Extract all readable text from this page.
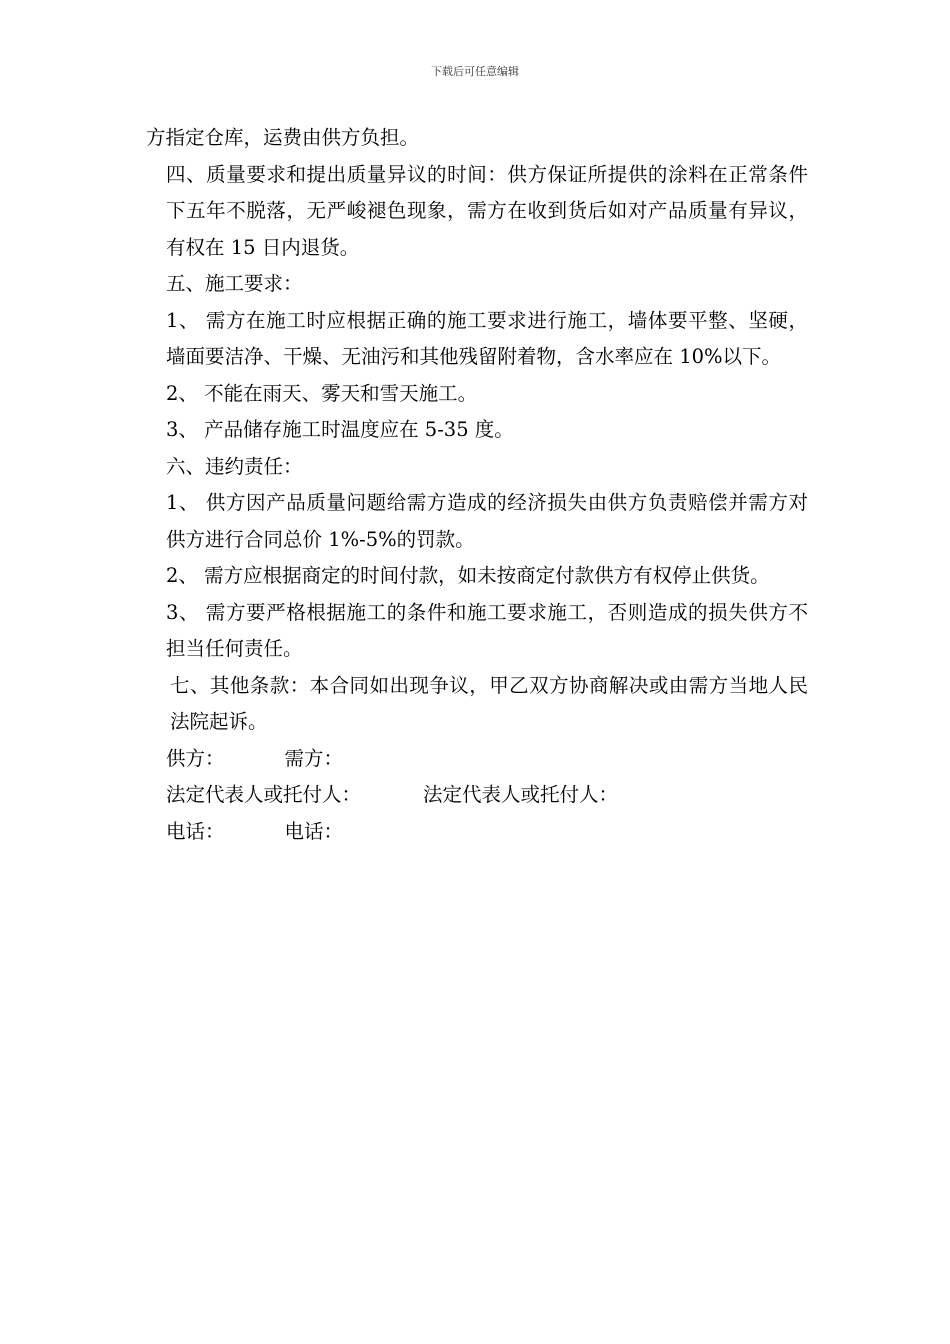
下载后可任意编辑

方指定仓库，运费由供方负担。

四、质量要求和提出质量异议的时间：供方保证所提供的涂料在正常条件下五年不脱落，无严峻褪色现象，需方在收到货后如对产品质量有异议，有权在 15 日内退货。

五、施工要求：

1、 需方在施工时应根据正确的施工要求进行施工，墙体要平整、坚硬，墙面要洁净、干燥、无油污和其他残留附着物，含水率应在 10%以下。

2、 不能在雨天、雾天和雪天施工。

3、 产品储存施工时温度应在 5-35 度。

六、违约责任：

1、 供方因产品质量问题给需方造成的经济损失由供方负责赔偿并需方对供方进行合同总价 1%-5%的罚款。

2、 需方应根据商定的时间付款，如未按商定付款供方有权停止供货。

3、 需方要严格根据施工的条件和施工要求施工，否则造成的损失供方不担当任何责任。

七、其他条款：本合同如出现争议，甲乙双方协商解决或由需方当地人民法院起诉。

供方：	需方：
法定代表人或托付人：	法定代表人或托付人：
电话：	电话：
